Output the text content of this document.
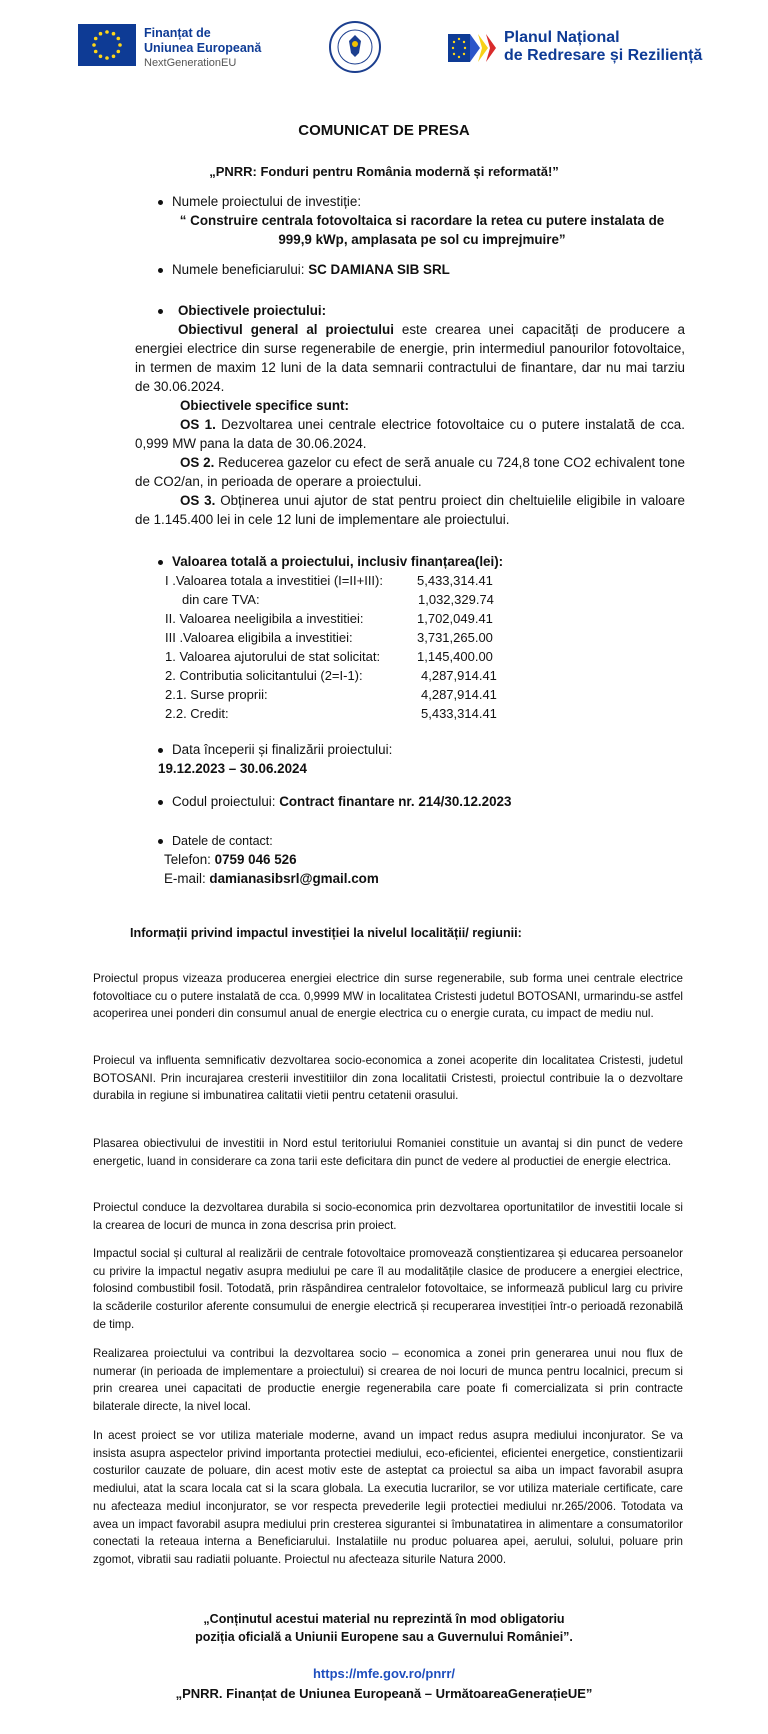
Finanțat de
Uniunea Europeană
NextGenerationEU
Planul Național
de Redresare și Reziliență
COMUNICAT DE PRESA
„PNRR: Fonduri pentru România modernă și reformată!”
Numele proiectului de investiție:
“ Construire centrala fotovoltaica si racordare la retea cu putere instalata de 999,9 kWp, amplasata pe sol cu imprejmuire”
Numele beneficiarului: SC DAMIANA SIB SRL
Obiectivele proiectului:
Obiectivul general al proiectului este crearea unei capacități de producere a energiei electrice din surse regenerabile de energie, prin intermediul panourilor fotovoltaice, in termen de maxim 12 luni de la data semnarii contractului de finantare, dar nu mai tarziu de 30.06.2024.
Obiectivele specifice sunt:
OS 1. Dezvoltarea unei centrale electrice fotovoltaice cu o putere instalată de cca. 0,999 MW pana la data de 30.06.2024.
OS 2. Reducerea gazelor cu efect de seră anuale cu 724,8 tone CO2 echivalent tone de CO2/an, in perioada de operare a proiectului.
OS 3. Obținerea unui ajutor de stat pentru proiect din cheltuielile eligibile in valoare de 1.145.400 lei in cele 12 luni de implementare ale proiectului.
Valoarea totală a proiectului, inclusiv finanțarea(lei):
I .Valoarea totala a investitiei (I=II+III):	5,433,314.41
din care TVA:	1,032,329.74
II. Valoarea neeligibila a investitiei:	1,702,049.41
III .Valoarea eligibila a investitiei:	3,731,265.00
1. Valoarea ajutorului de stat solicitat:	1,145,400.00
2. Contributia solicitantului (2=I-1):	4,287,914.41
2.1. Surse proprii:	4,287,914.41
2.2. Credit:	5,433,314.41
Data începerii și finalizării proiectului:
19.12.2023 – 30.06.2024
Codul proiectului: Contract finantare nr. 214/30.12.2023
Datele de contact:
Telefon: 0759 046 526
E-mail: damianasibsrl@gmail.com
Informații privind impactul investiției la nivelul localității/ regiunii:
Proiectul propus vizeaza producerea energiei electrice din surse regenerabile, sub forma unei centrale electrice fotovoltiace cu o putere instalată de cca. 0,9999 MW in localitatea Cristesti judetul BOTOSANI, urmarindu-se astfel acoperirea unei ponderi din consumul anual de energie electrica cu o energie curata, cu impact de mediu nul.
Proiecul va influenta semnificativ dezvoltarea socio-economica a zonei acoperite din localitatea Cristesti, judetul BOTOSANI. Prin incurajarea cresterii investitiilor din zona localitatii Cristesti, proiectul contribuie la o dezvoltare durabila in regiune si imbunatirea calitatii vietii pentru cetatenii orasului.
Plasarea obiectivului de investitii in Nord estul teritoriului Romaniei constituie un avantaj si din punct de vedere energetic, luand in considerare ca zona tarii este deficitara din punct de vedere al productiei de energie electrica.
Proiectul conduce la dezvoltarea durabila si socio-economica prin dezvoltarea oportunitatilor de investitii locale si la crearea de locuri de munca in zona descrisa prin proiect.
Impactul social și cultural al realizării de centrale fotovoltaice promovează conștientizarea și educarea persoanelor cu privire la impactul negativ asupra mediului pe care îl au modalitățile clasice de producere a energiei electrice, folosind combustibil fosil. Totodată, prin răspândirea centralelor fotovoltaice, se informează publicul larg cu privire la scăderile costurilor aferente consumului de energie electrică și recuperarea investiției într-o perioadă rezonabilă de timp.
Realizarea proiectului va contribui la dezvoltarea socio – economica a zonei prin generarea unui nou flux de numerar (in perioada de implementare a proiectului) si crearea de noi locuri de munca pentru localnici, precum si prin crearea unei capacitati de productie energie regenerabila care poate fi comercializata si prin contracte bilaterale directe, la nivel local.
In acest proiect se vor utiliza materiale moderne, avand un impact redus asupra mediului inconjurator. Se va insista asupra aspectelor privind importanta protectiei mediului, eco-eficientei, eficientei energetice, constientizarii costurilor cauzate de poluare, din acest motiv este de asteptat ca proiectul sa aiba un impact favorabil asupra mediului, atat la scara locala cat si la scara globala. La executia lucrarilor, se vor utiliza materiale certificate, care nu afecteaza mediul inconjurator, se vor respecta prevederile legii protectiei mediului nr.265/2006. Totodata va avea un impact favorabil asupra mediului prin cresterea sigurantei si îmbunatatirea in alimentare a consumatorilor conectati la reteaua interna a Beneficiarului. Instalatiile nu produc poluarea apei, aerului, solului, poluare prin zgomot, vibratii sau radiatii poluante. Proiectul nu afecteaza siturile Natura 2000.
„Conținutul acestui material nu reprezintă în mod obligatoriu
poziția oficială a Uniunii Europene sau a Guvernului României”.
https://mfe.gov.ro/pnrr/
„PNRR. Finanțat de Uniunea Europeană – UrmătoareaGenerațieUE”
